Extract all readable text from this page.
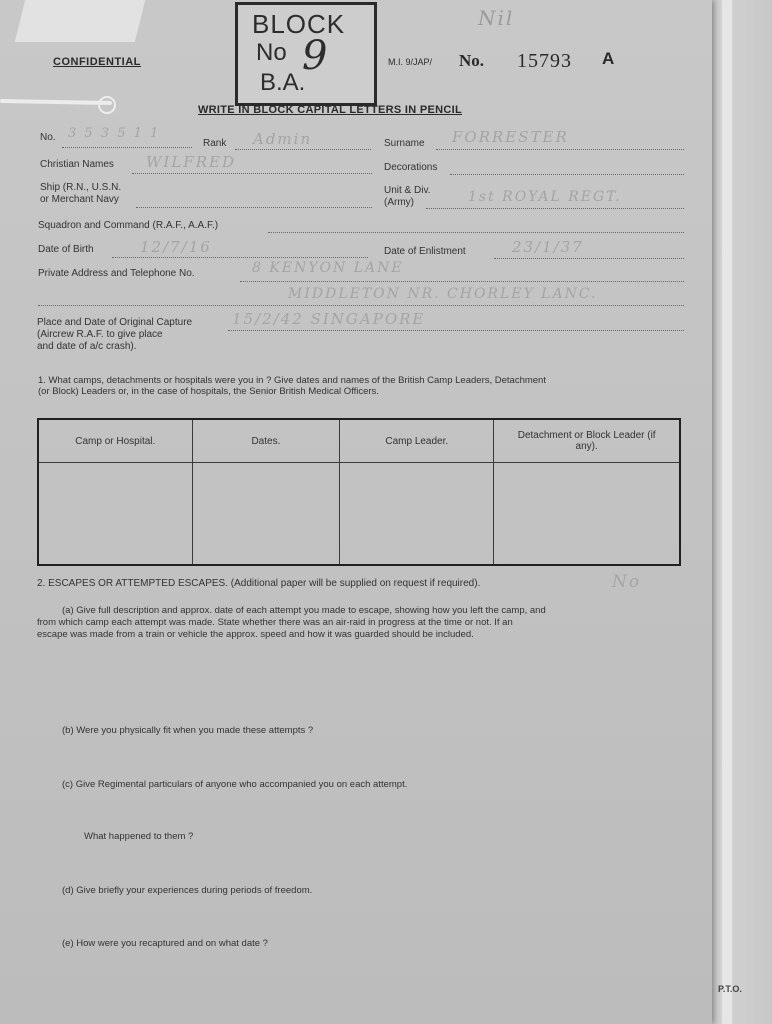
P.T.O.
CONFIDENTIAL
BLOCK
No 9
B.A.
Nil
M.I. 9/JAP/ No. 15793 A
WRITE IN BLOCK CAPITAL LETTERS IN PENCIL
No. 3 5 3 5 1 1
Rank Admin	Surname FORRESTER
Christian Names WILFRED	Decorations
Ship (R.N., U.S.N.
or Merchant Navy
Unit & Div.
(Army)	1st ROYAL REGT.
Squadron and Command (R.A.F., A.A.F.)
Date of Birth	12/7/16	Date of Enlistment	23/1/37
Private Address and Telephone No.	8 KENYON LANE
MIDDLETON NR. CHORLEY LANC.
Place and Date of Original Capture
(Aircrew R.A.F. to give place
and date of a/c crash).
15/2/42 SINGAPORE
1. What camps, detachments or hospitals were you in ? Give dates and names of the British Camp Leaders, Detachment
(or Block) Leaders or, in the case of hospitals, the Senior British Medical Officers.
Camp or Hospital.	Dates.	Camp Leader.	Detachment or Block Leader (if any).

2. ESCAPES OR ATTEMPTED ESCAPES. (Additional paper will be supplied on request if required).	No
(a) Give full description and approx. date of each attempt you made to escape, showing how you left the camp, and
from which camp each attempt was made. State whether there was an air-raid in progress at the time or not. If an
escape was made from a train or vehicle the approx. speed and how it was guarded should be included.
(b) Were you physically fit when you made these attempts ?
(c) Give Regimental particulars of anyone who accompanied you on each attempt.
What happened to them ?
(d) Give briefly your experiences during periods of freedom.
(e) How were you recaptured and on what date ?
